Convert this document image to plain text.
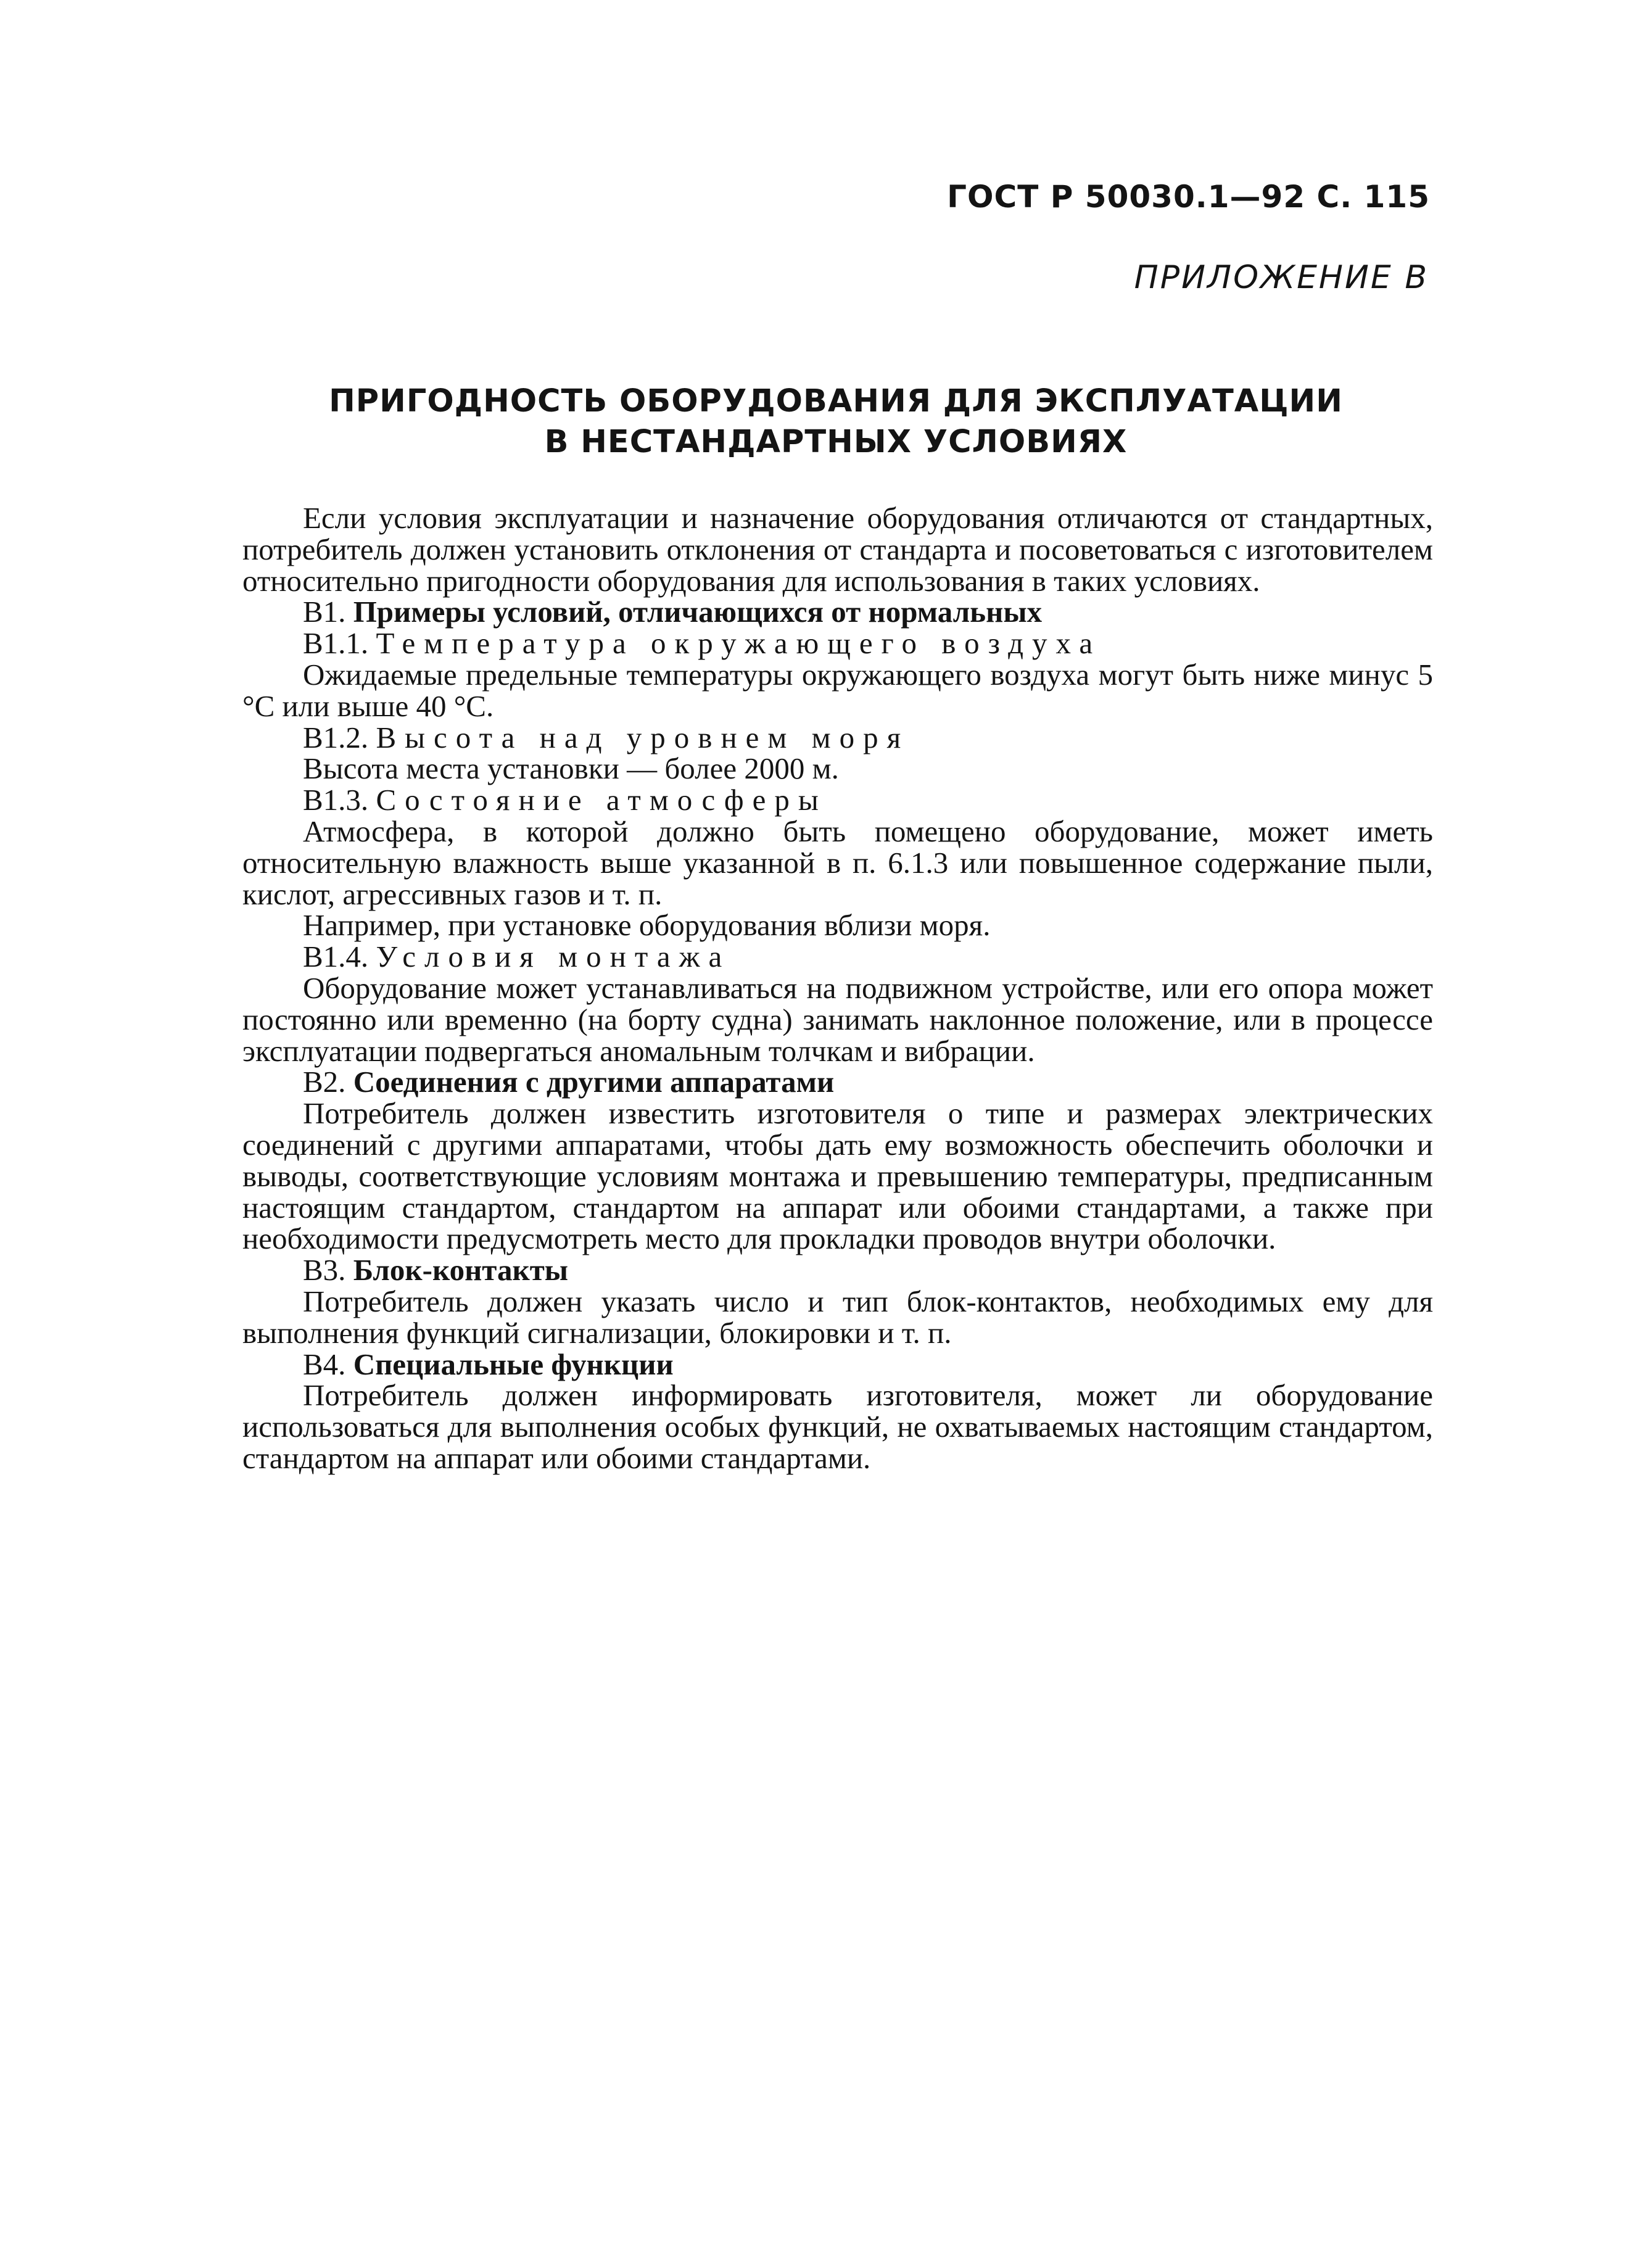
ГОСТ Р 50030.1—92 С. 115
ПРИЛОЖЕНИЕ В
ПРИГОДНОСТЬ ОБОРУДОВАНИЯ ДЛЯ ЭКСПЛУАТАЦИИ
В НЕСТАНДАРТНЫХ УСЛОВИЯХ

Если условия эксплуатации и назначение оборудования отличаются от стандартных, потребитель должен установить отклонения от стандарта и посоветоваться с изготовителем относительно пригодности оборудования для использования в таких условиях.

В1. Примеры условий, отличающихся от нормальных

В1.1. Температура окружающего воздуха

Ожидаемые предельные температуры окружающего воздуха могут быть ниже минус 5 °С или выше 40 °С.

В1.2. Высота над уровнем моря

Высота места установки — более 2000 м.

В1.3. Состояние атмосферы

Атмосфера, в которой должно быть помещено оборудование, может иметь относительную влажность выше указанной в п. 6.1.3 или повышенное содержание пыли, кислот, агрессивных газов и т. п.

Например, при установке оборудования вблизи моря.

В1.4. Условия монтажа

Оборудование может устанавливаться на подвижном устройстве, или его опора может постоянно или временно (на борту судна) занимать наклонное положение, или в процессе эксплуатации подвергаться аномальным толчкам и вибрации.

В2. Соединения с другими аппаратами

Потребитель должен известить изготовителя о типе и размерах электрических соединений с другими аппаратами, чтобы дать ему возможность обеспечить оболочки и выводы, соответствующие условиям монтажа и превышению температуры, предписанным настоящим стандартом, стандартом на аппарат или обоими стандартами, а также при необходимости предусмотреть место для прокладки проводов внутри оболочки.

В3. Блок-контакты

Потребитель должен указать число и тип блок-контактов, необходимых ему для выполнения функций сигнализации, блокировки и т. п.

В4. Специальные функции

Потребитель должен информировать изготовителя, может ли оборудование использоваться для выполнения особых функций, не охватываемых настоящим стандартом, стандартом на аппарат или обоими стандартами.
